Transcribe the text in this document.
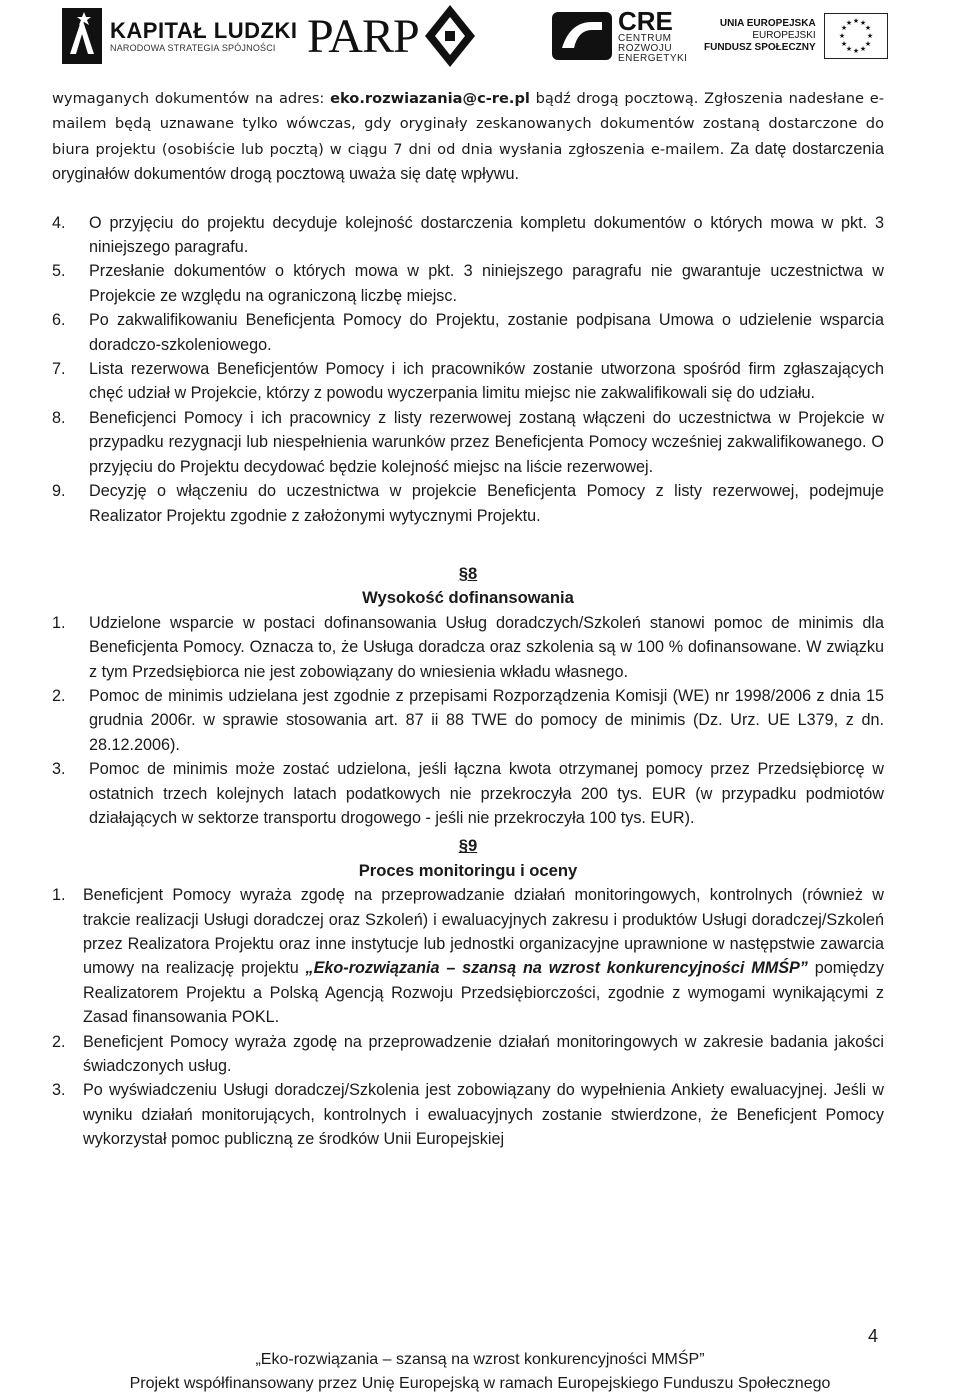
KAPITAŁ LUDZKI
NARODOWA STRATEGIA SPÓJNOŚCI PARP	CRE
CENTRUM
ROZWOJU
ENERGETYKI
UNIA EUROPEJSKA
EUROPEJSKI
FUNDUSZ SPOŁECZNY
★ ★
★
★
★
★
★
★
★
★
★
★

wymaganych dokumentów na adres: eko.rozwiazania@c-re.pl bądź drogą pocztową. Zgłoszenia nadesłane e-mailem będą uznawane tylko wówczas, gdy oryginały zeskanowanych dokumentów zostaną dostarczone do biura projektu (osobiście lub pocztą) w ciągu 7 dni od dnia wysłania zgłoszenia e-mailem. Za datę dostarczenia oryginałów dokumentów drogą pocztową uważa się datę wpływu.

4.	O przyjęciu do projektu decyduje kolejność dostarczenia kompletu dokumentów o których mowa w pkt. 3 niniejszego paragrafu.
5.	Przesłanie dokumentów o których mowa w pkt. 3 niniejszego paragrafu nie gwarantuje uczestnictwa w Projekcie ze względu na ograniczoną liczbę miejsc.
6.	Po zakwalifikowaniu Beneficjenta Pomocy do Projektu, zostanie podpisana Umowa o udzielenie wsparcia doradczo-szkoleniowego.
7.	Lista rezerwowa Beneficjentów Pomocy i ich pracowników zostanie utworzona spośród firm zgłaszających chęć udział w Projekcie, którzy z powodu wyczerpania limitu miejsc nie zakwalifikowali się do udziału.
8.	Beneficjenci Pomocy i ich pracownicy z listy rezerwowej zostaną włączeni do uczestnictwa w Projekcie w przypadku rezygnacji lub niespełnienia warunków przez Beneficjenta Pomocy wcześniej zakwalifikowanego. O przyjęciu do Projektu decydować będzie kolejność miejsc na liście rezerwowej.
9.	Decyzję o włączeniu do uczestnictwa w projekcie Beneficjenta Pomocy z listy rezerwowej, podejmuje Realizator Projektu zgodnie z założonymi wytycznymi Projektu.
§8
Wysokość dofinansowania
1.	Udzielone wsparcie w postaci dofinansowania Usług doradczych/Szkoleń stanowi pomoc de minimis dla Beneficjenta Pomocy. Oznacza to, że Usługa doradcza oraz szkolenia są w 100 % dofinansowane. W związku z tym Przedsiębiorca nie jest zobowiązany do wniesienia wkładu własnego.
2.	Pomoc de minimis udzielana jest zgodnie z przepisami Rozporządzenia Komisji (WE) nr 1998/2006 z dnia 15 grudnia 2006r. w sprawie stosowania art. 87 ii 88 TWE do pomocy de minimis (Dz. Urz. UE L379, z dn. 28.12.2006).
3.	Pomoc de minimis może zostać udzielona, jeśli łączna kwota otrzymanej pomocy przez Przedsiębiorcę w ostatnich trzech kolejnych latach podatkowych nie przekroczyła 200 tys. EUR (w przypadku podmiotów działających w sektorze transportu drogowego - jeśli nie przekroczyła 100 tys. EUR).
§9
Proces monitoringu i oceny
1.	Beneficjent Pomocy wyraża zgodę na przeprowadzanie działań monitoringowych, kontrolnych (również w trakcie realizacji Usługi doradczej oraz Szkoleń) i ewaluacyjnych zakresu i produktów Usługi doradczej/Szkoleń przez Realizatora Projektu oraz inne instytucje lub jednostki organizacyjne uprawnione w następstwie zawarcia umowy na realizację projektu „Eko-rozwiązania – szansą na wzrost konkurencyjności MMŚP” pomiędzy Realizatorem Projektu a Polską Agencją Rozwoju Przedsiębiorczości, zgodnie z wymogami wynikającymi z Zasad finansowania POKL.
2.	Beneficjent Pomocy wyraża zgodę na przeprowadzenie działań monitoringowych w zakresie badania jakości świadczonych usług.
3.	Po wyświadczeniu Usługi doradczej/Szkolenia jest zobowiązany do wypełnienia Ankiety ewaluacyjnej. Jeśli w wyniku działań monitorujących, kontrolnych i ewaluacyjnych zostanie stwierdzone, że Beneficjent Pomocy wykorzystał pomoc publiczną ze środków Unii Europejskiej
4
„Eko-rozwiązania – szansą na wzrost konkurencyjności MMŚP”
Projekt współfinansowany przez Unię Europejską w ramach Europejskiego Funduszu Społecznego
